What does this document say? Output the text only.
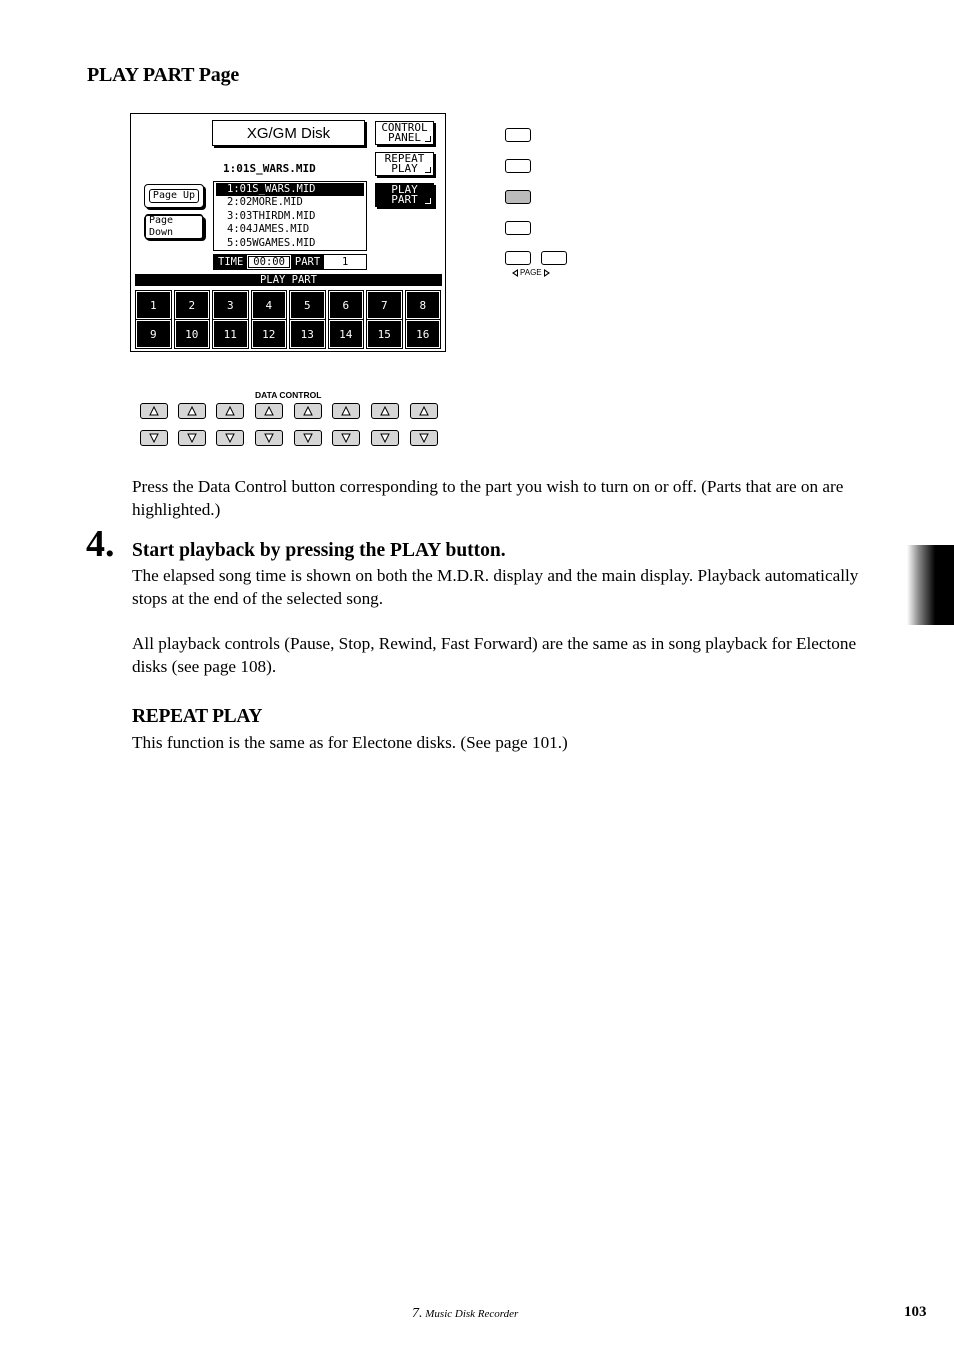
PLAY PART Page
XG/GM Disk	CONTROL
PANEL
REPEAT
PLAY
PLAY
PART
1:01S_WARS.MID
Page Up
Page Down
1:01S_WARS.MID
2:02MORE.MID
3:03THIRDM.MID
4:04JAMES.MID
5:05WGAMES.MID
TIME 00:00 PART	1
PLAY PART
1	2	3	4	5	6	7	8
9	10	11	12	13	14	15	16
PAGE
DATA CONTROL
Press the Data Control button corresponding to the part you wish to turn on or off. (Parts that are on are highlighted.)
4. Start playback by pressing the PLAY button.
The elapsed song time is shown on both the M.D.R. display and the main display. Playback automatically stops at the end of the selected song.
All playback controls (Pause, Stop, Rewind, Fast Forward) are the same as in song playback for Electone disks (see page 108).
REPEAT PLAY
This function is the same as for Electone disks. (See page 101.)
7. Music Disk Recorder	103
